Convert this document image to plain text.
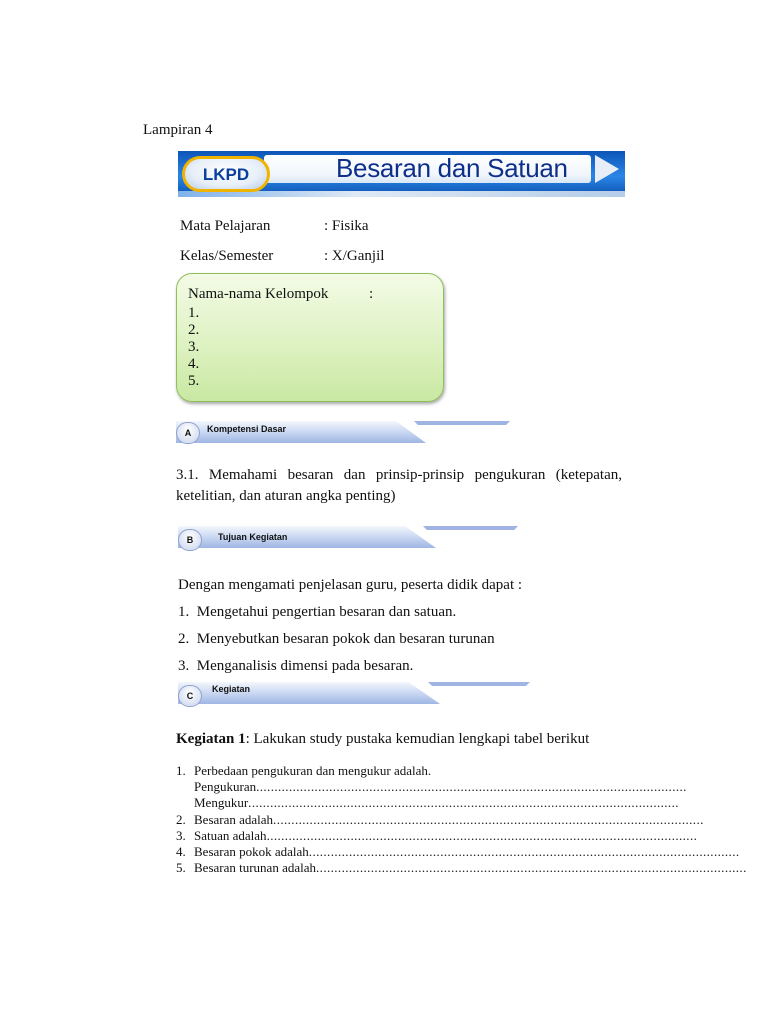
Lampiran 4
LKPD	Besaran dan Satuan
Mata Pelajaran	: Fisika
Kelas/Semester	: X/Ganjil
Nama-nama Kelompok	:
1.
2.
3.
4.
5.
A	Kompetensi Dasar
3.1. Memahami besaran dan prinsip-prinsip pengukuran (ketepatan,
ketelitian, dan aturan angka penting)
B	Tujuan Kegiatan
Dengan mengamati penjelasan guru, peserta didik dapat :
1. Mengetahui pengertian besaran dan satuan.
2. Menyebutkan besaran pokok dan besaran turunan
3. Menganalisis dimensi pada besaran.
C
Kegiatan
Kegiatan 1: Lakukan study pustaka kemudian lengkapi tabel berikut
1. Perbedaan pengukuran dan mengukur adalah.
Pengukuran ......................................................................................................................
Mengukur ......................................................................................................................
2. Besaran adalah ......................................................................................................................
3. Satuan adalah ......................................................................................................................
4. Besaran pokok adalah ......................................................................................................................
5. Besaran turunan adalah ......................................................................................................................
